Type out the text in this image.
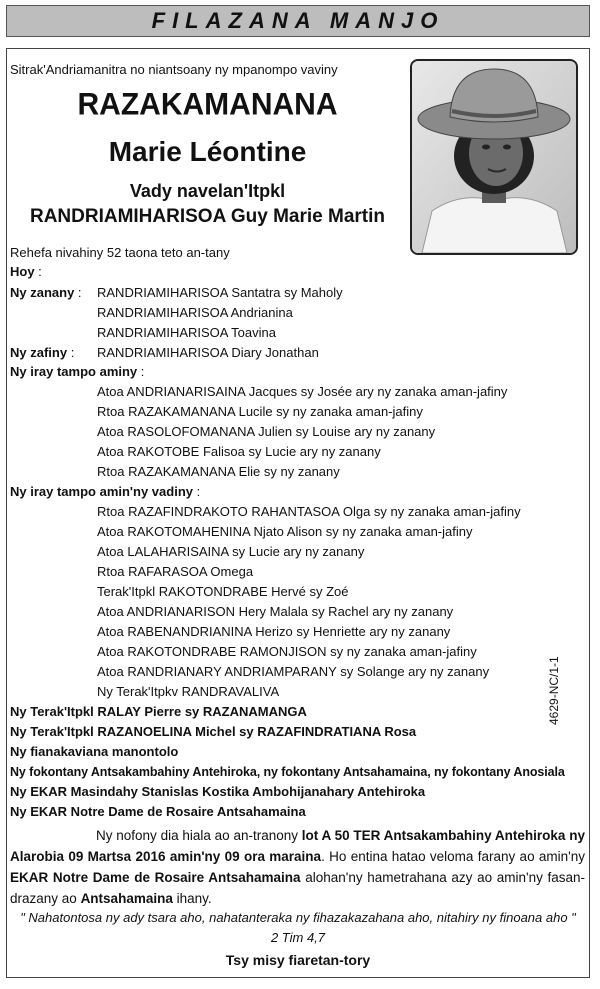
FILAZANA MANJO
Sitrak'Andriamanitra no niantsoany ny mpanompo vaviny
RAZAKAMANANA
Marie Léontine
Vady navelan'Itpkl
RANDRIAMIHARISOA Guy Marie Martin
Rehefa nivahiny 52 taona teto an-tany
Hoy :
Ny zanany : RANDRIAMIHARISOA Santatra sy Maholy
RANDRIAMIHARISOA Andrianina
RANDRIAMIHARISOA Toavina
Ny zafiny : RANDRIAMIHARISOA Diary Jonathan
Ny iray tampo aminy :
Atoa ANDRIANARISAINA Jacques sy Josée ary ny zanaka aman-jafiny
Rtoa RAZAKAMANANA Lucile sy ny zanaka aman-jafiny
Atoa RASOLOFOMANANA Julien sy Louise ary ny zanany
Atoa RAKOTOBE Falisoa sy Lucie ary ny zanany
Rtoa RAZAKAMANANA Elie sy ny zanany
Ny iray tampo amin'ny vadiny :
Rtoa RAZAFINDRAKOTO RAHANTASOA Olga sy ny zanaka aman-jafiny
Atoa RAKOTOMAHENINA Njato Alison sy ny zanaka aman-jafiny
Atoa LALAHARISAINA sy Lucie ary ny zanany
Rtoa RAFARASOA Omega
Terak'Itpkl RAKOTONDRABE Hervé sy Zoé
Atoa ANDRIANARISON Hery Malala sy Rachel ary ny zanany
Atoa RABENANDRIANINA Herizo sy Henriette ary ny zanany
Atoa RAKOTONDRABE RAMONJISON sy ny zanaka aman-jafiny
Atoa RANDRIANARY ANDRIAMPARANY sy Solange ary ny zanany
Ny Terak'Itpkv RANDRAVALIVA
Ny Terak'Itpkl RALAY Pierre sy RAZANAMANGA
Ny Terak'Itpkl RAZANOELINA Michel sy RAZAFINDRATIANA Rosa
Ny fianakaviana manontolo
Ny fokontany Antsakambahiny Antehiroka, ny fokontany Antsahamaina, ny fokontany Anosiala
Ny EKAR Masindahy Stanislas Kostika Ambohijanahary Antehiroka
Ny EKAR Notre Dame de Rosaire Antsahamaina
4629-NC/1-1
Ny nofony dia hiala ao an-tranony lot A 50 TER Antsakambahiny Antehiroka ny Alarobia 09 Martsa 2016 amin'ny 09 ora maraina. Ho entina hatao veloma farany ao amin'ny EKAR Notre Dame de Rosaire Antsahamaina alohan'ny hametrahana azy ao amin'ny fasan-drazany ao Antsahamaina ihany.
" Nahatontosa ny ady tsara aho, nahatanteraka ny fihazakazahana aho, nitahiry ny finoana aho "
2 Tim 4,7
Tsy misy fiaretan-tory
